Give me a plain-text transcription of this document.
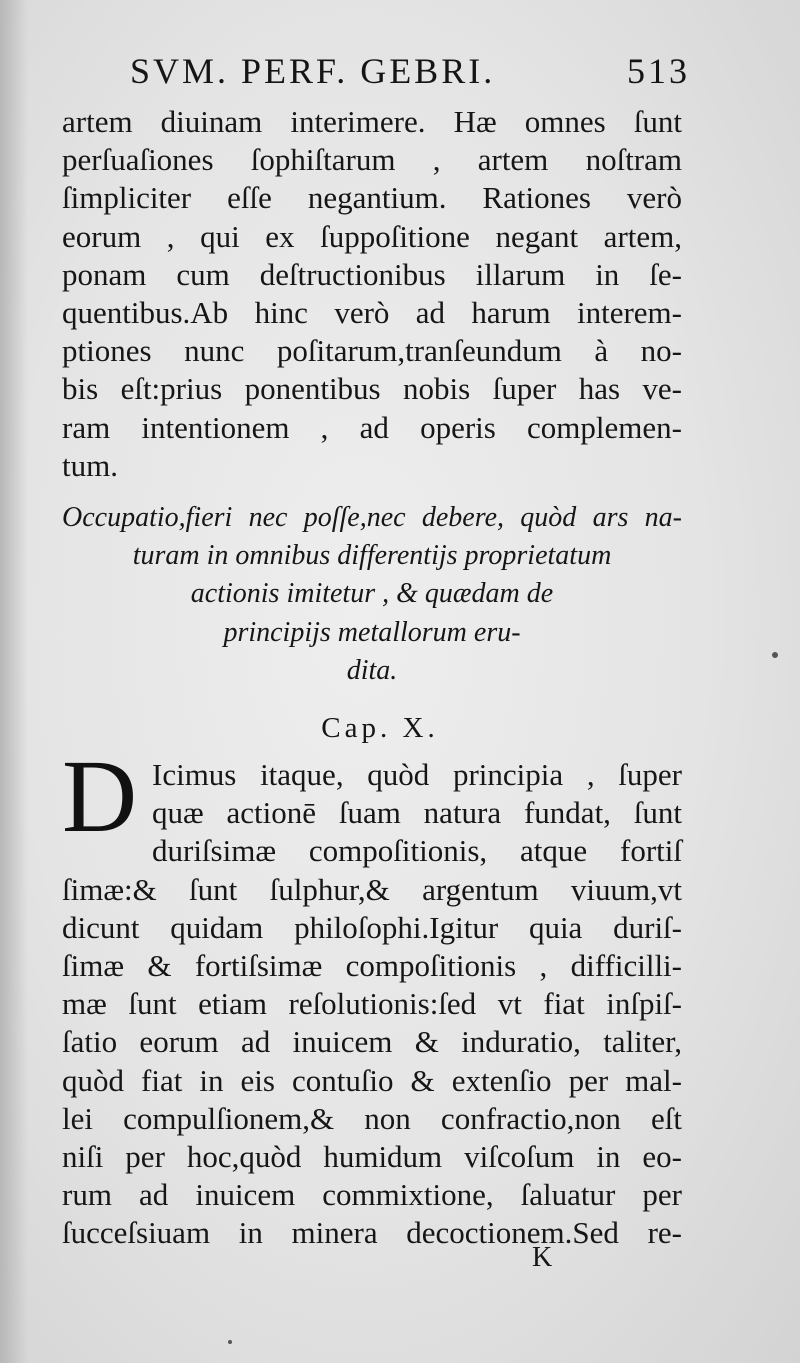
SVM. PERF. GEBRI.	513
artem diuinam interimere. Hæ omnes ſunt
perſuaſiones ſophiſtarum , artem noſtram
ſimpliciter eſſe negantium. Rationes verò
eorum , qui ex ſuppoſitione negant artem,
ponam cum deſtructionibus illarum in ſe-
quentibus.Ab hinc verò ad harum interem-
ptiones nunc poſitarum,tranſeundum à no-
bis eſt:prius ponentibus nobis ſuper has ve-
ram intentionem , ad operis complemen-
tum.
Occupatio,fieri nec poſſe,nec debere, quòd ars na-
turam in omnibus differentijs proprietatum
actionis imitetur , & quædam de
principijs metallorum eru-
dita.
Cap. X.
D Icimus itaque, quòd principia , ſuper
quæ actionē ſuam natura fundat, ſunt
duriſsimæ compoſitionis, atque fortiſ
ſimæ:& ſunt ſulphur,& argentum viuum,vt
dicunt quidam philoſophi.Igitur quia duriſ-
ſimæ & fortiſsimæ compoſitionis , difficilli-
mæ ſunt etiam reſolutionis:ſed vt fiat inſpiſ-
ſatio eorum ad inuicem & induratio, taliter,
quòd fiat in eis contuſio & extenſio per mal-
lei compulſionem,& non confractio,non eſt
niſi per hoc,quòd humidum viſcoſum in eo-
rum ad inuicem commixtione, ſaluatur per
ſucceſsiuam in minera decoctionem.Sed re-
K
